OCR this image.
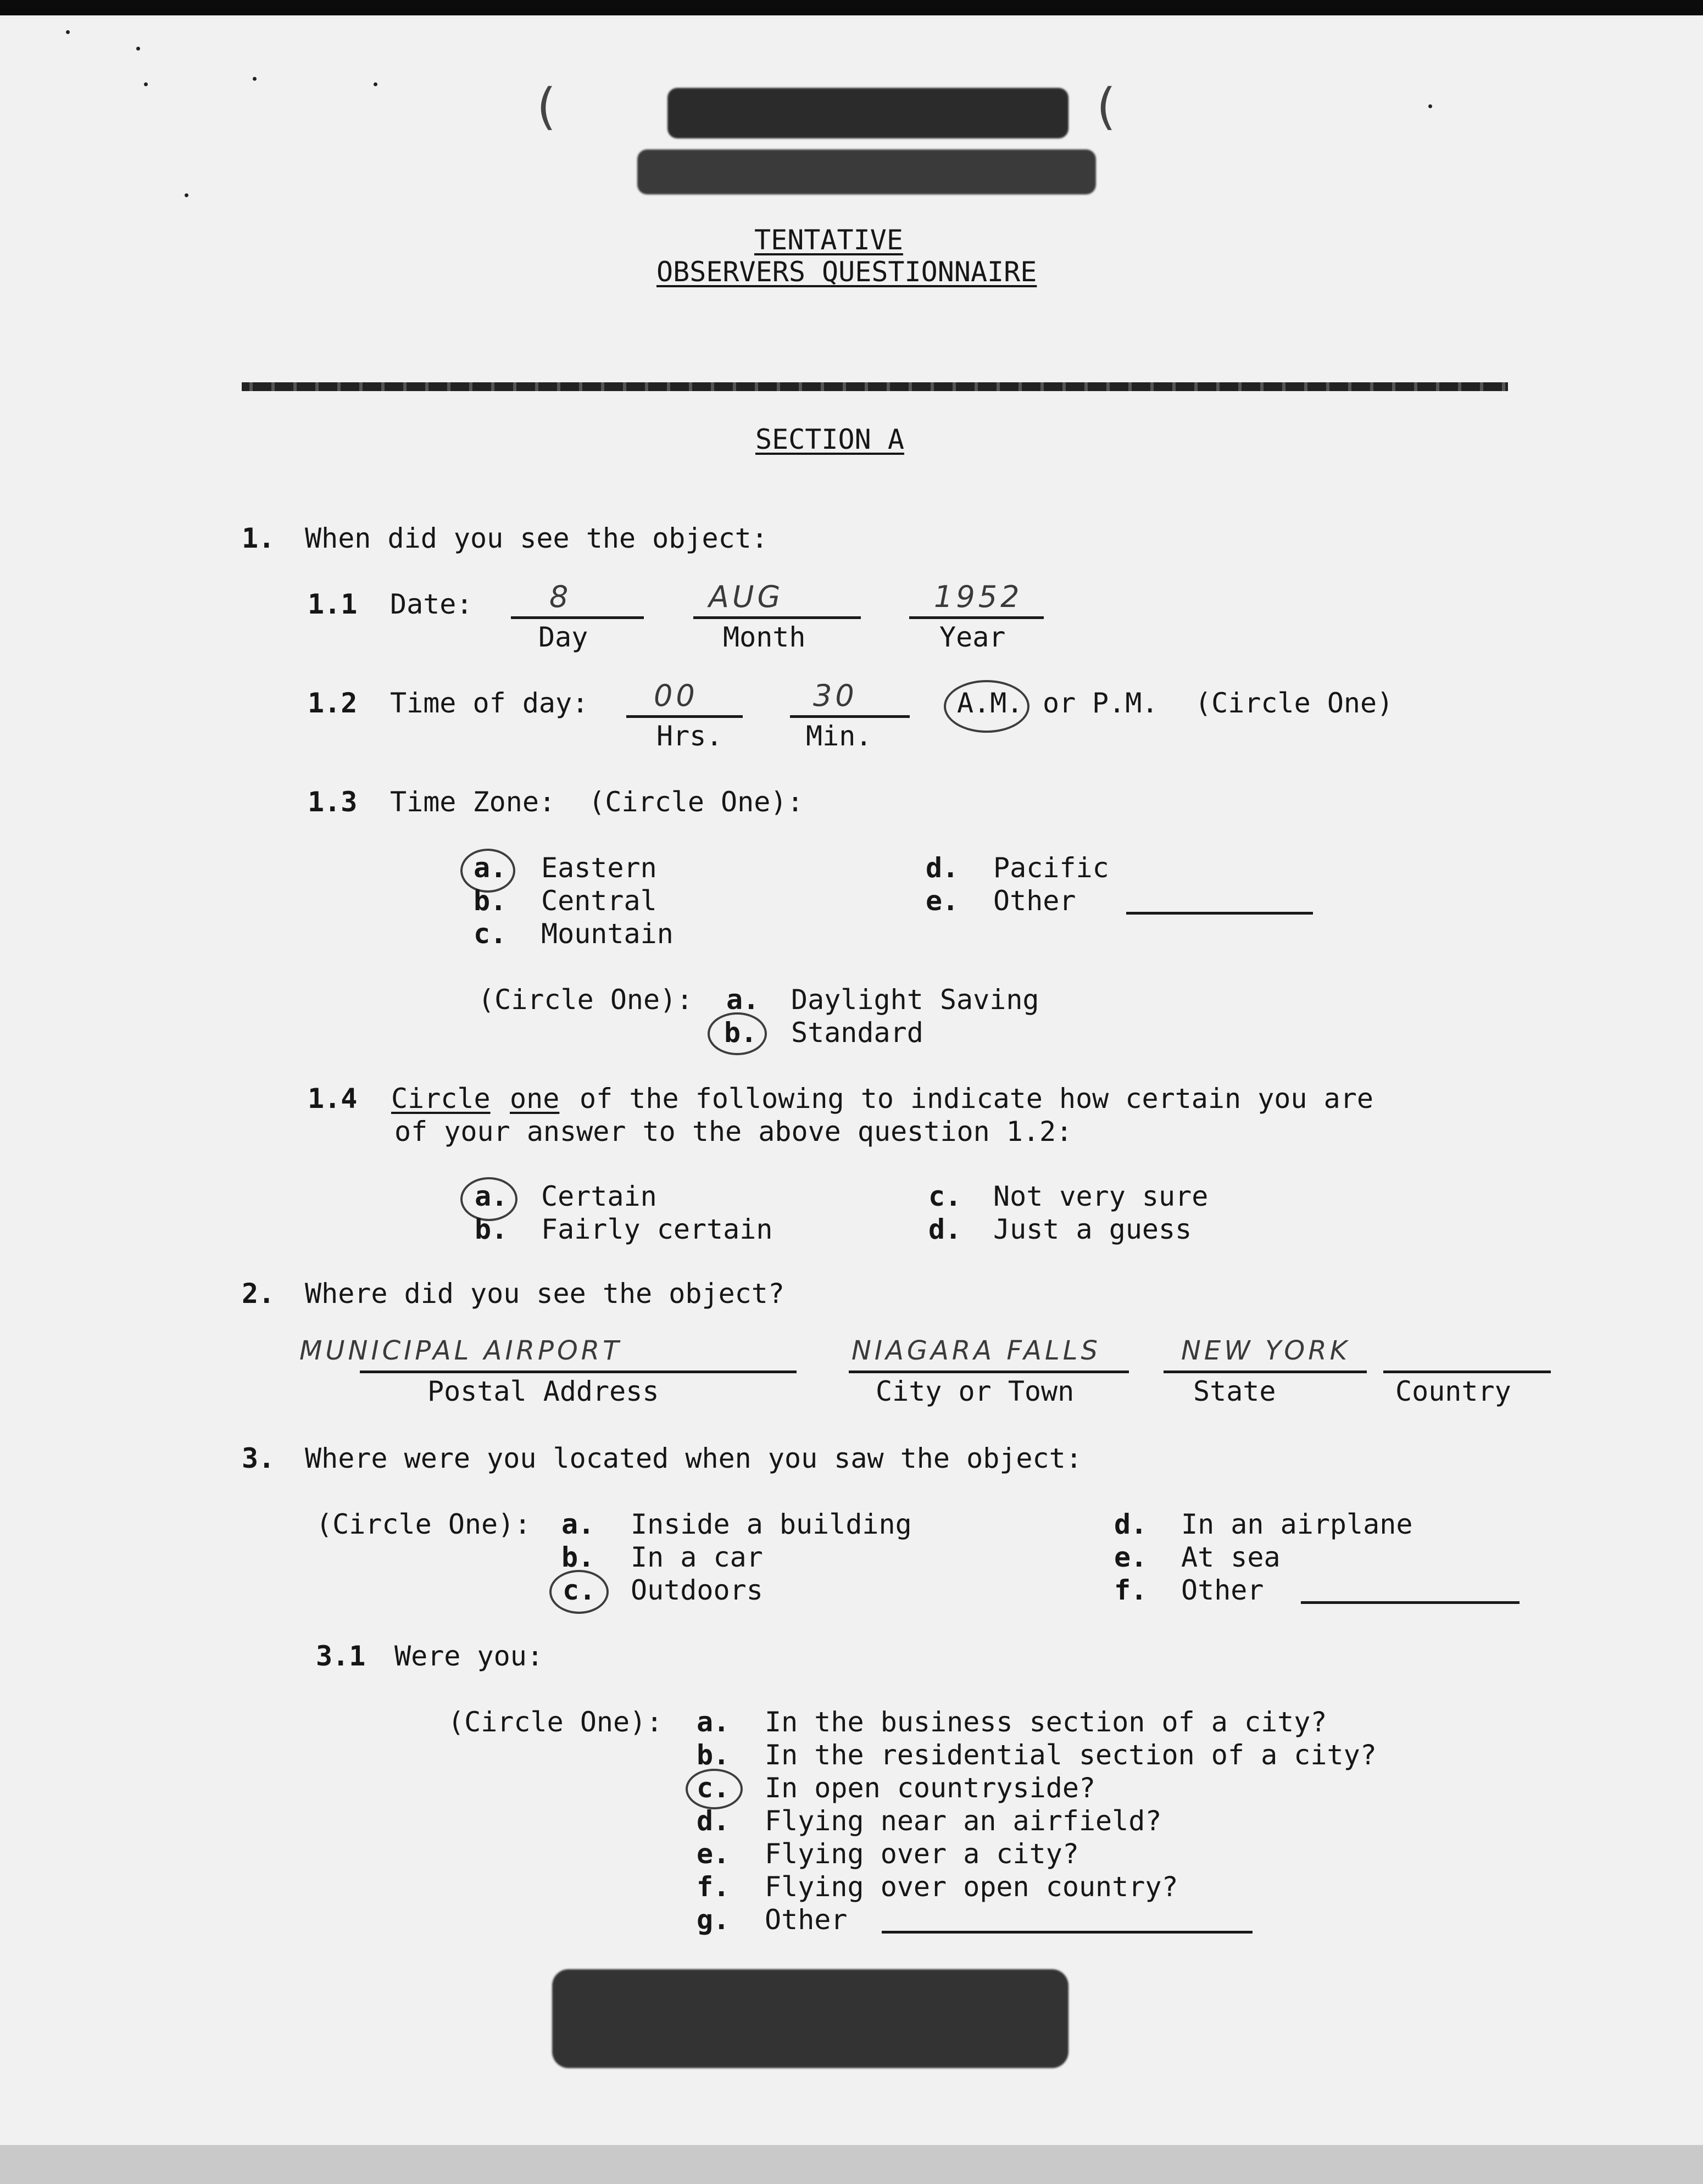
(	(
TENTATIVE
OBSERVERS QUESTIONNAIRE
SECTION A
1. When did you see the object:
1.1 Date:	8	AUG	1952
Day	Month	Year
1.2 Time of day: 00	30
Hrs.	Min.
A.M. or P.M. (Circle One)
1.3 Time Zone:  (Circle One):
a. Eastern
b. Central
c. Mountain
d. Pacific
e. Other
(Circle One): a. Daylight Saving
b. Standard
1.4 Circle one of the following to indicate how certain you are
of your answer to the above question 1.2:
a. Certain
b. Fairly certain
c. Not very sure
d. Just a guess
2. Where did you see the object?
MUNICIPAL AIRPORT	NIAGARA FALLS	NEW YORK
Postal Address	City or Town	State	Country
3. Where were you located when you saw the object:
(Circle One): a. Inside a building
b. In a car
c. Outdoors
d. In an airplane
e. At sea
f. Other
3.1 Were you:
(Circle One): a. In the business section of a city?
b. In the residential section of a city?
c. In open countryside?
d. Flying near an airfield?
e. Flying over a city?
f. Flying over open country?
g. Other
